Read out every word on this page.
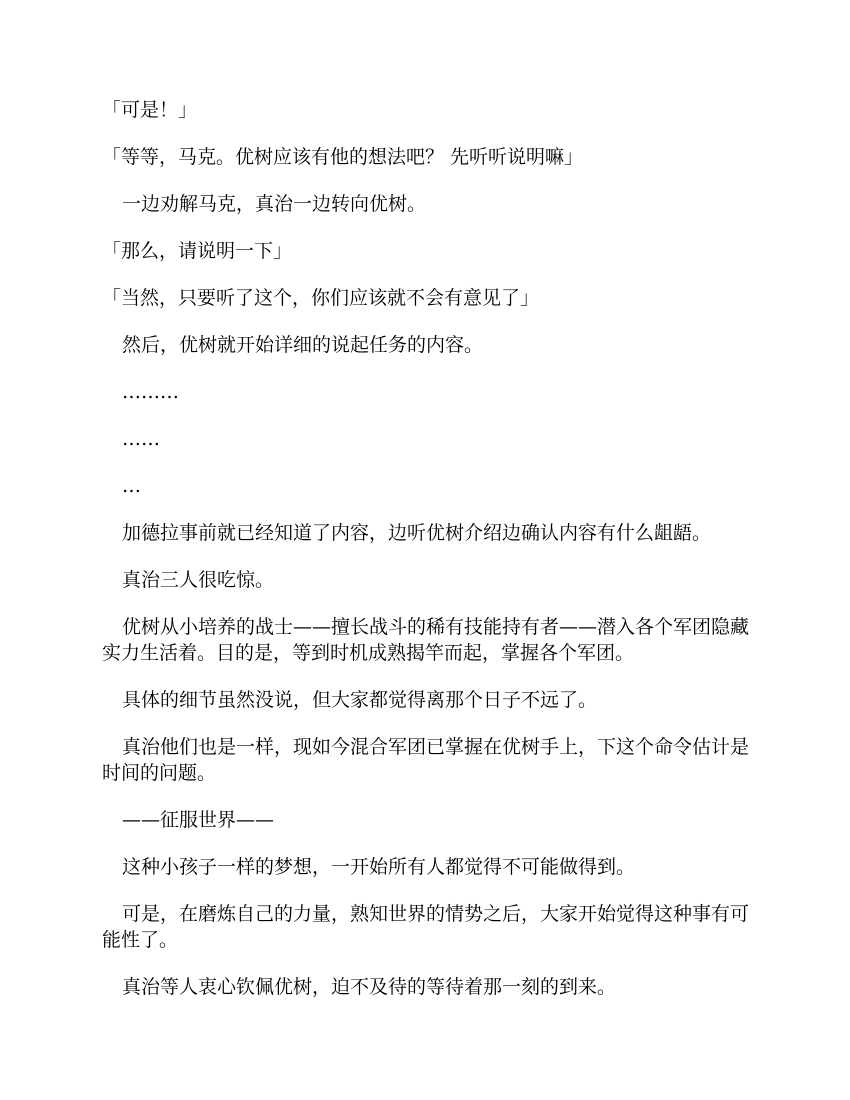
「可是！」

「等等，马克。优树应该有他的想法吧？ 先听听说明嘛」

一边劝解马克，真治一边转向优树。

「那么，请说明一下」

「当然，只要听了这个，你们应该就不会有意见了」

然后，优树就开始详细的说起任务的内容。

………

……

…

加德拉事前就已经知道了内容，边听优树介绍边确认内容有什么龃龉。

真治三人很吃惊。

优树从小培养的战士——擅长战斗的稀有技能持有者——潜入各个军团隐藏实力生活着。目的是，等到时机成熟揭竿而起，掌握各个军团。

具体的细节虽然没说，但大家都觉得离那个日子不远了。

真治他们也是一样，现如今混合军团已掌握在优树手上，下这个命令估计是时间的问题。

——征服世界——

这种小孩子一样的梦想，一开始所有人都觉得不可能做得到。

可是，在磨炼自己的力量，熟知世界的情势之后，大家开始觉得这种事有可能性了。

真治等人衷心钦佩优树，迫不及待的等待着那一刻的到来。
